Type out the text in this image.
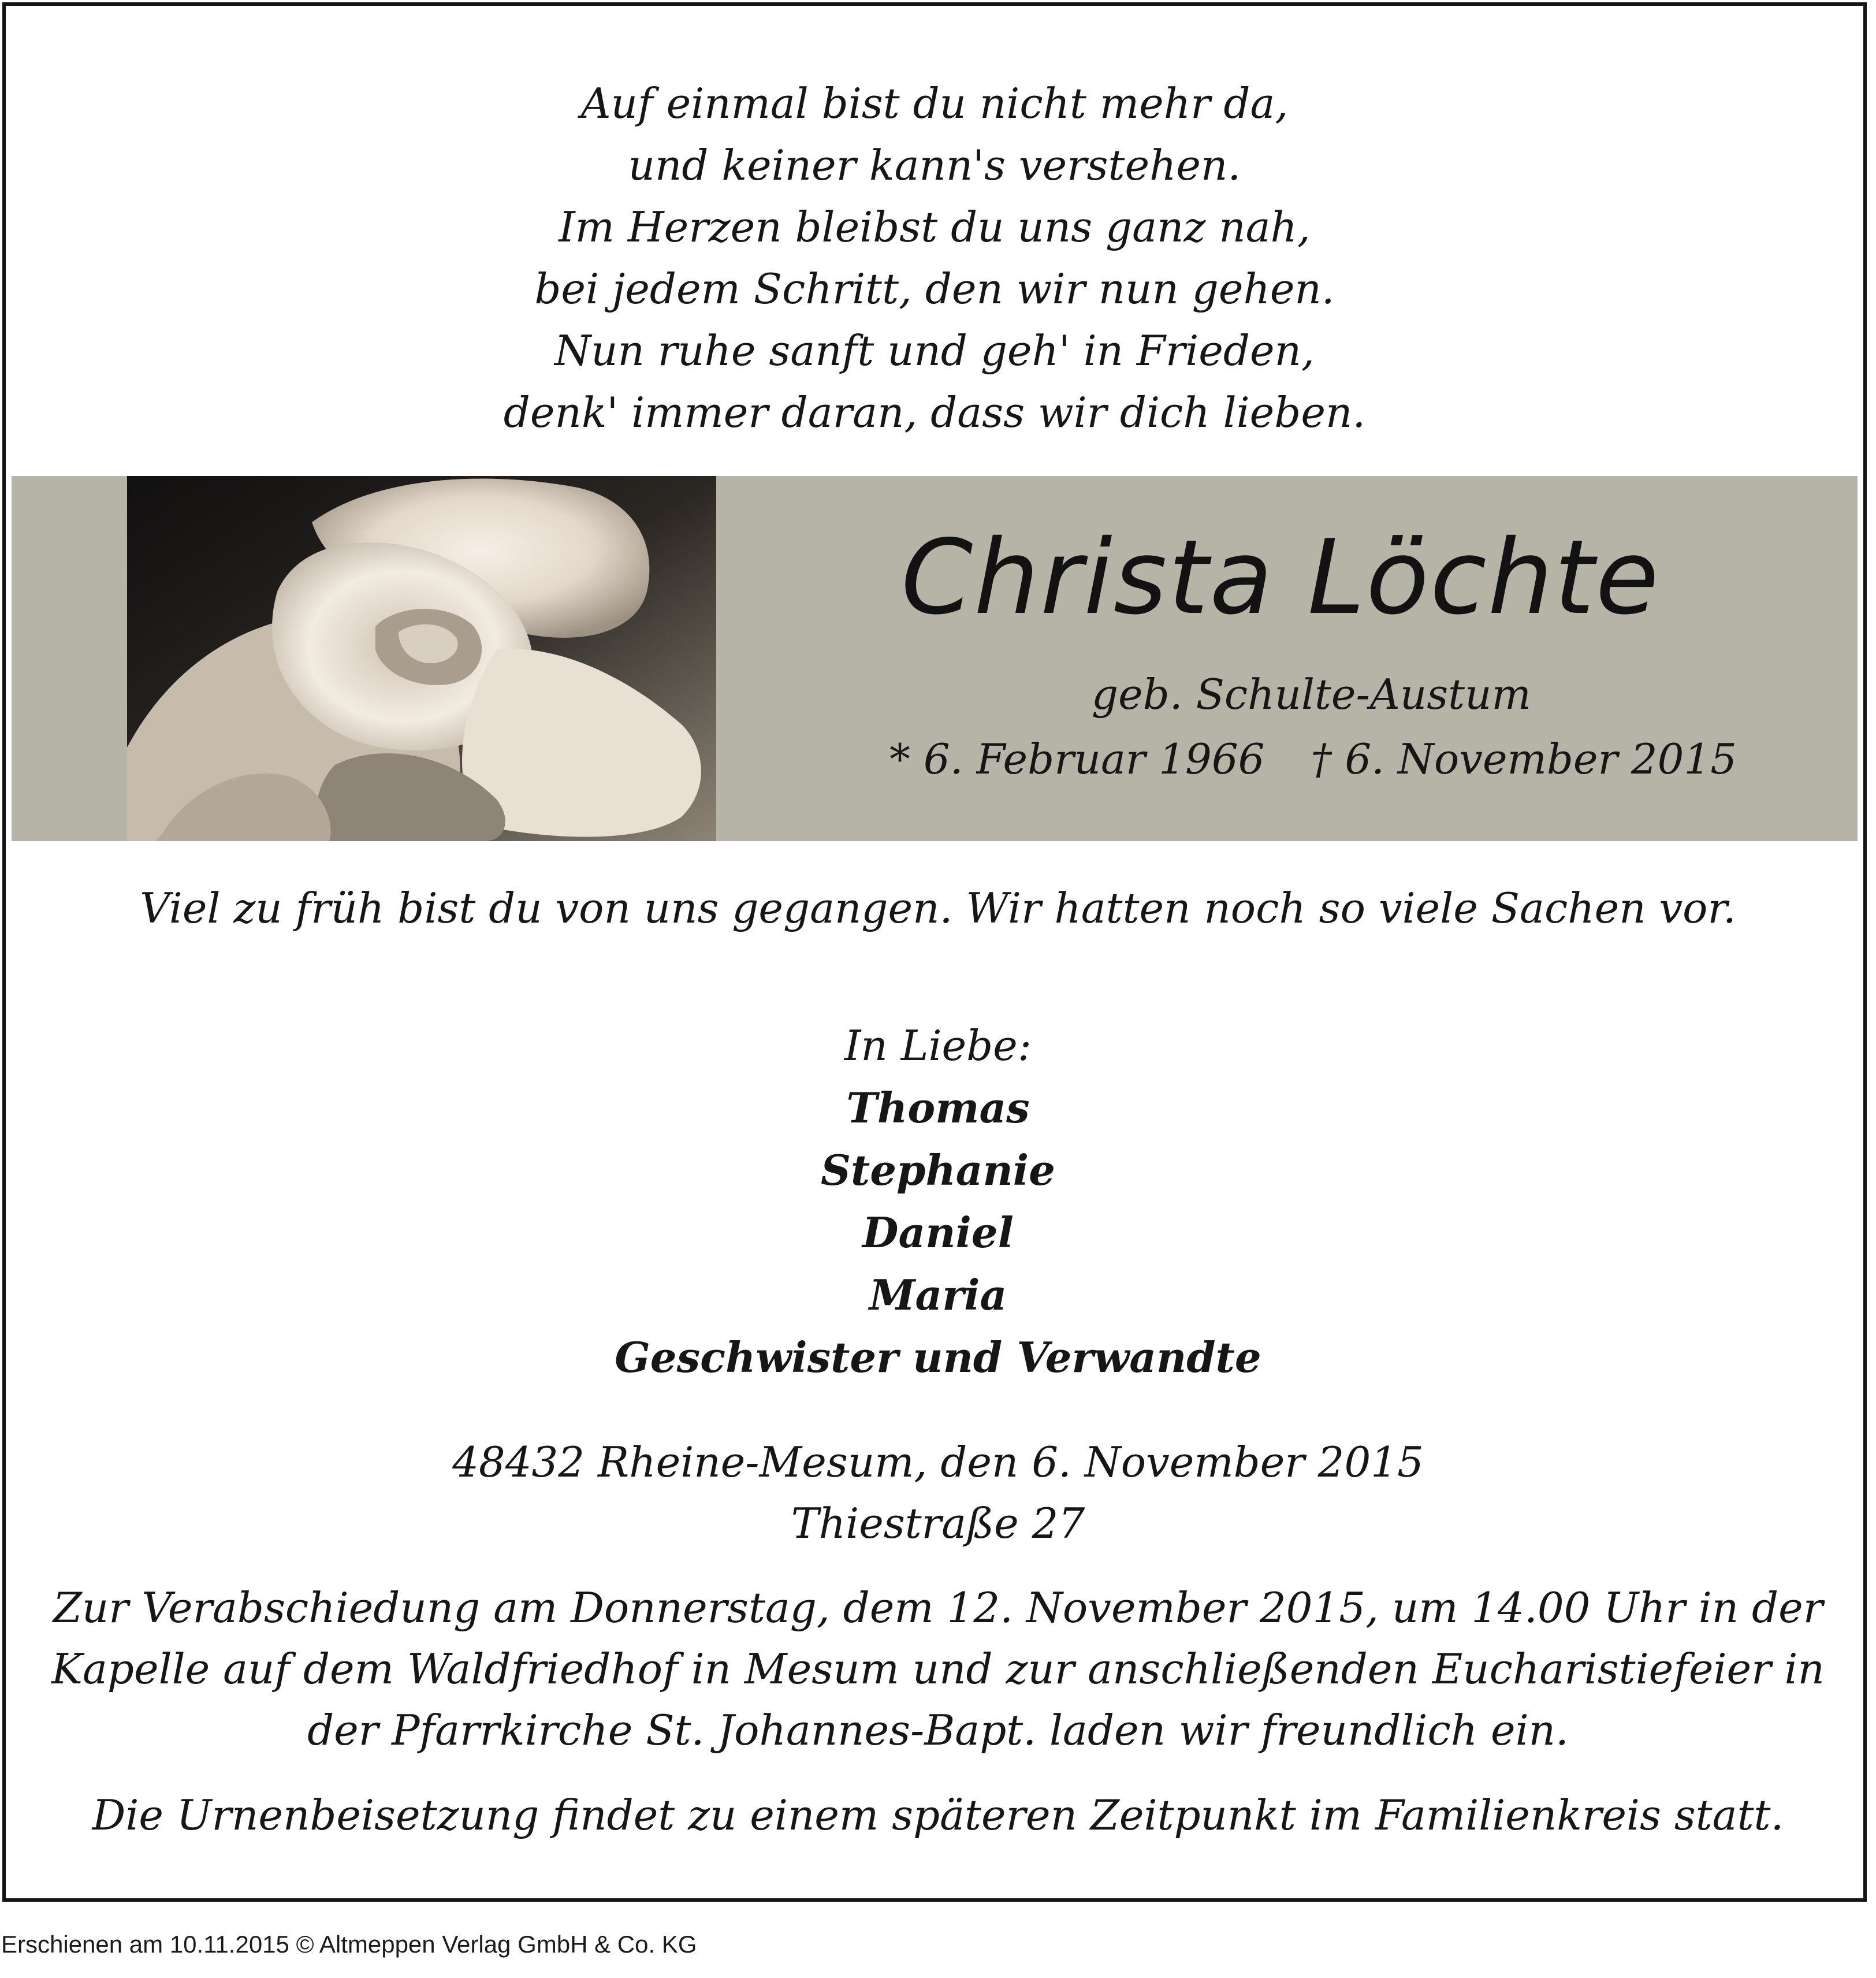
Auf einmal bist du nicht mehr da,
und keiner kann's verstehen.
Im Herzen bleibst du uns ganz nah,
bei jedem Schritt, den wir nun gehen.
Nun ruhe sanft und geh' in Frieden,
denk' immer daran, dass wir dich lieben.
Christa Löchte
geb. Schulte-Austum
* 6. Februar 1966 † 6. November 2015
Viel zu früh bist du von uns gegangen. Wir hatten noch so viele Sachen vor.
In Liebe:
Thomas
Stephanie
Daniel
Maria
Geschwister und Verwandte
48432 Rheine-Mesum, den 6. November 2015
Thiestraße 27
Zur Verabschiedung am Donnerstag, dem 12. November 2015, um 14.00 Uhr in der
Kapelle auf dem Waldfriedhof in Mesum und zur anschließenden Eucharistiefeier in
der Pfarrkirche St. Johannes-Bapt. laden wir freundlich ein.
Die Urnenbeisetzung findet zu einem späteren Zeitpunkt im Familienkreis statt.
Erschienen am 10.11.2015 © Altmeppen Verlag GmbH & Co. KG
